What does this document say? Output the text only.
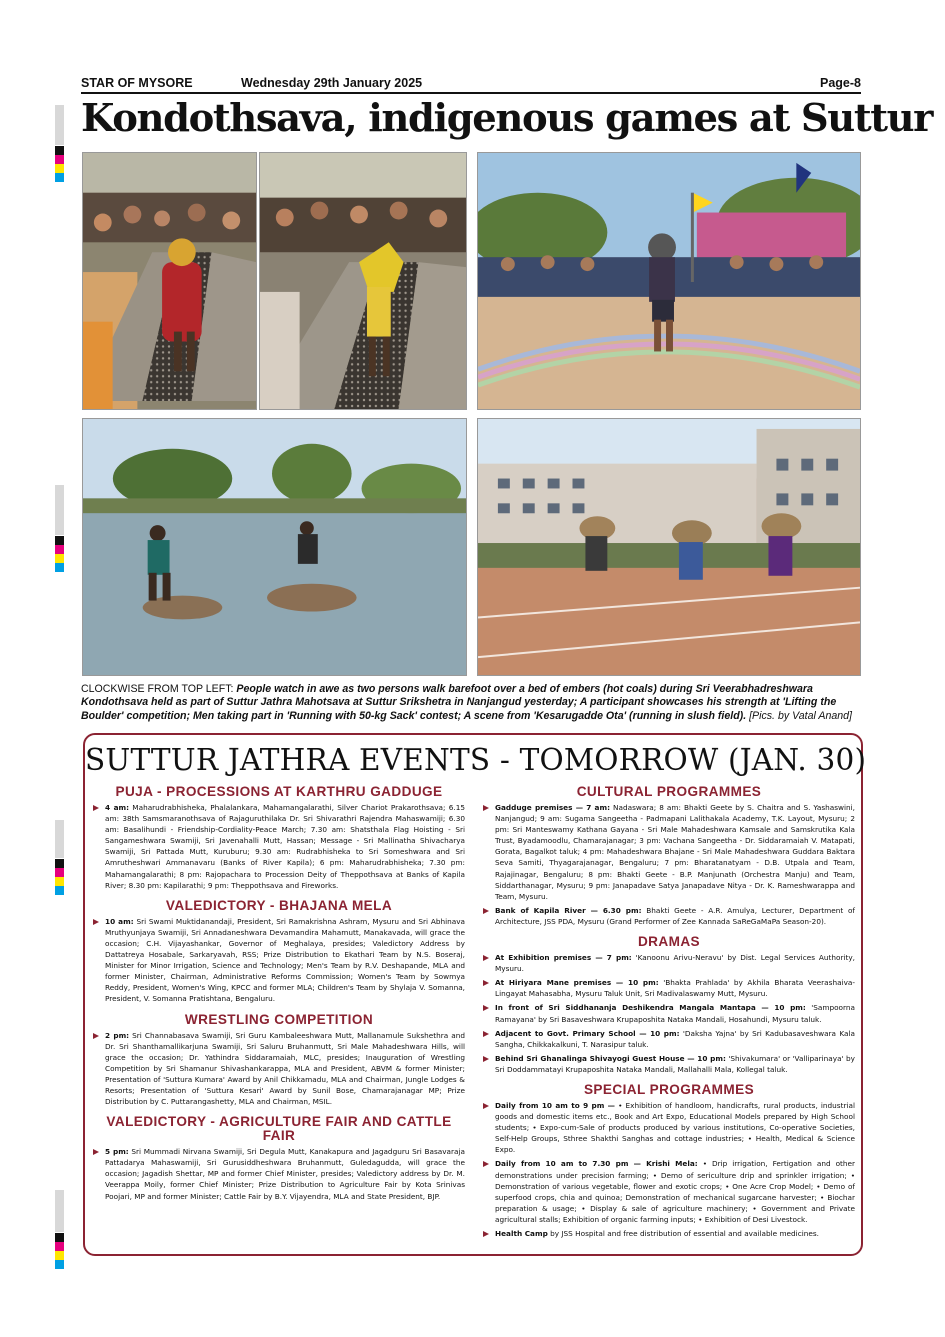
STAR OF MYSORE	Wednesday 29th January 2025	Page-8
Kondothsava, indigenous games at Suttur

CLOCKWISE FROM TOP LEFT: People watch in awe as two persons walk barefoot over a bed of embers (hot coals) during Sri Veerabhadreshwara Kondothsava held as part of Suttur Jathra Mahotsava at Suttur Srikshetra in Nanjangud yesterday; A participant showcases his strength at 'Lifting the Boulder' competition; Men taking part in 'Running with 50-kg Sack' contest; A scene from 'Kesarugadde Ota' (running in slush field). [Pics. by Vatal Anand]

SUTTUR JATHRA EVENTS - TOMORROW (JAN. 30)
PUJA - PROCESSIONS AT KARTHRU GADDUGE
4 am: Maharudrabhisheka, Phalalankara, Mahamangalarathi, Silver Chariot Prakarothsava; 6.15 am: 38th Samsmaranothsava of Rajaguruthilaka Dr. Sri Shivarathri Rajendra Mahaswamiji; 6.30 am: Basalihundi - Friendship-Cordiality-Peace March; 7.30 am: Shatsthala Flag Hoisting - Sri Sangameshwara Swamiji, Sri Javenahalli Mutt, Hassan; Message - Sri Mallinatha Shivacharya Swamiji, Sri Pattada Mutt, Kuruburu; 9.30 am: Rudrabhisheka to Sri Someshwara and Sri Amrutheshwari Ammanavaru (Banks of River Kapila); 6 pm: Maharudrabhisheka; 7.30 pm: Mahamangalarathi; 8 pm: Rajopachara to Procession Deity of Theppothsava at Banks of Kapila River; 8.30 pm: Kapilarathi; 9 pm: Theppothsava and Fireworks.
VALEDICTORY - BHAJANA MELA
10 am: Sri Swami Muktidanandaji, President, Sri Ramakrishna Ashram, Mysuru and Sri Abhinava Mruthyunjaya Swamiji, Sri Annadaneshwara Devamandira Mahamutt, Manakavada, will grace the occasion; C.H. Vijayashankar, Governor of Meghalaya, presides; Valedictory Address by Dattatreya Hosabale, Sarkaryavah, RSS; Prize Distribution to Ekathari Team by N.S. Boseraj, Minister for Minor Irrigation, Science and Technology; Men's Team by R.V. Deshapande, MLA and former Minister, Chairman, Administrative Reforms Commission; Women's Team by Sowmya Reddy, President, Women's Wing, KPCC and former MLA; Children's Team by Shylaja V. Somanna, President, V. Somanna Pratishtana, Bengaluru.
WRESTLING COMPETITION
2 pm: Sri Channabasava Swamiji, Sri Guru Kambaleeshwara Mutt, Mallanamule Sukshethra and Dr. Sri Shanthamallikarjuna Swamiji, Sri Saluru Bruhanmutt, Sri Male Mahadeshwara Hills, will grace the occasion; Dr. Yathindra Siddaramaiah, MLC, presides; Inauguration of Wrestling Competition by Sri Shamanur Shivashankarappa, MLA and President, ABVM & former Minister; Presentation of 'Suttura Kumara' Award by Anil Chikkamadu, MLA and Chairman, Jungle Lodges & Resorts; Presentation of 'Suttura Kesari' Award by Sunil Bose, Chamarajanagar MP; Prize Distribution by C. Puttarangashetty, MLA and Chairman, MSIL.
VALEDICTORY - AGRICULTURE FAIR AND CATTLE FAIR
5 pm: Sri Mummadi Nirvana Swamiji, Sri Degula Mutt, Kanakapura and Jagadguru Sri Basavaraja Pattadarya Mahaswamiji, Sri Gurusiddheshwara Bruhanmutt, Guledagudda, will grace the occasion; Jagadish Shettar, MP and former Chief Minister, presides; Valedictory address by Dr. M. Veerappa Moily, former Chief Minister; Prize Distribution to Agriculture Fair by Kota Srinivas Poojari, MP and former Minister; Cattle Fair by B.Y. Vijayendra, MLA and State President, BJP.
CULTURAL PROGRAMMES
Gadduge premises — 7 am: Nadaswara; 8 am: Bhakti Geete by S. Chaitra and S. Yashaswini, Nanjangud; 9 am: Sugama Sangeetha - Padmapani Lalithakala Academy, T.K. Layout, Mysuru; 2 pm: Sri Manteswamy Kathana Gayana - Sri Male Mahadeshwara Kamsale and Samskrutika Kala Trust, Byadamoodlu, Chamarajanagar; 3 pm: Vachana Sangeetha - Dr. Siddaramaiah V. Matapati, Gorata, Bagalkot taluk; 4 pm: Mahadeshwara Bhajane - Sri Male Mahadeshwara Guddara Baktara Seva Samiti, Thyagarajanagar, Bengaluru; 7 pm: Bharatanatyam - D.B. Utpala and Team, Rajajinagar, Bengaluru; 8 pm: Bhakti Geete - B.P. Manjunath (Orchestra Manju) and Team, Siddarthanagar, Mysuru; 9 pm: Janapadave Satya Janapadave Nitya - Dr. K. Rameshwarappa and Team, Mysuru.
Bank of Kapila River — 6.30 pm: Bhakti Geete - A.R. Amulya, Lecturer, Department of Architecture, JSS PDA, Mysuru (Grand Performer of Zee Kannada SaReGaMaPa Season-20).
DRAMAS
At Exhibition premises — 7 pm: 'Kanoonu Arivu-Neravu' by Dist. Legal Services Authority, Mysuru.
At Hiriyara Mane premises — 10 pm: 'Bhakta Prahlada' by Akhila Bharata Veerashaiva-Lingayat Mahasabha, Mysuru Taluk Unit, Sri Madivalaswamy Mutt, Mysuru.
In front of Sri Siddhananja Deshikendra Mangala Mantapa — 10 pm: 'Sampoorna Ramayana' by Sri Basaveshwara Krupaposhita Nataka Mandali, Hosahundi, Mysuru taluk.
Adjacent to Govt. Primary School — 10 pm: 'Daksha Yajna' by Sri Kadubasaveshwara Kala Sangha, Chikkakalkuni, T. Narasipur taluk.
Behind Sri Ghanalinga Shivayogi Guest House — 10 pm: 'Shivakumara' or 'Valliparinaya' by Sri Doddammatayi Krupaposhita Nataka Mandali, Mallahalli Mala, Kollegal taluk.
SPECIAL PROGRAMMES
Daily from 10 am to 9 pm — • Exhibition of handloom, handicrafts, rural products, industrial goods and domestic items etc., Book and Art Expo, Educational Models prepared by High School students; • Expo-cum-Sale of products produced by various institutions, Co-operative Societies, Self-Help Groups, Sthree Shakthi Sanghas and cottage industries; • Health, Medical & Science Expo.
Daily from 10 am to 7.30 pm — Krishi Mela: • Drip irrigation, Fertigation and other demonstrations under precision farming; • Demo of sericulture drip and sprinkler irrigation; • Demonstration of various vegetable, flower and exotic crops; • One Acre Crop Model; • Demo of superfood crops, chia and quinoa; Demonstration of mechanical sugarcane harvester; • Biochar preparation & usage; • Display & sale of agriculture machinery; • Government and Private agricultural stalls; Exhibition of organic farming inputs; • Exhibition of Desi Livestock.
Health Camp by JSS Hospital and free distribution of essential and available medicines.
